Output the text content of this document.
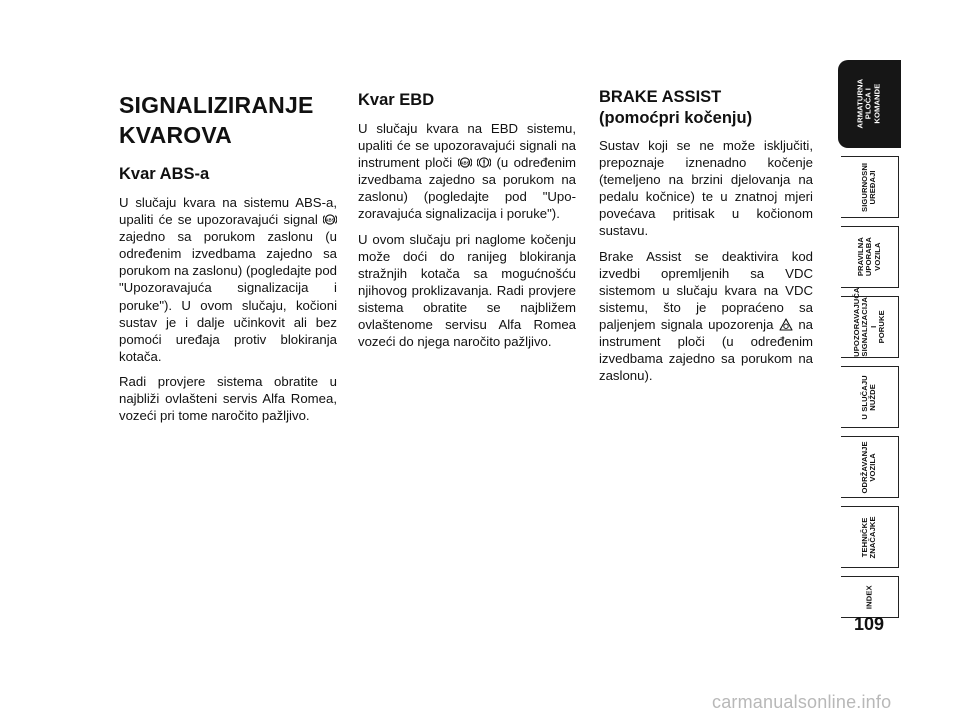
SIGNALIZIRANJE KVAROVA
Kvar ABS-a

U slučaju kvara na sistemu ABS-a, upaliti će se upozoravajući signal ABS
zajedno sa porukom zaslonu (u određenim izvedbama zajedno sa porukom na zaslonu) (pogledajte pod "Upozoravajuća signalizacija i poruke"). U ovom slučaju, kočioni sustav je i dalje učinkovit ali bez pomoći uređaja protiv blokiranja kotača.

Radi provjere sistema obratite u najbliži ovlašteni servis Alfa Romea, vozeći pri tome naročito pažljivo.

Kvar EBD

U slučaju kvara na EBD sistemu, upaliti će se upozoravajući signali na instrument ploči ABS
(u određenim izvedbama zajedno sa porukom na zaslonu) (pogledajte pod "Upo-zoravajuća signalizacija i poruke").

U ovom slučaju pri naglome kočenju može doći do ranijeg blokiranja stražnjih kotača sa mogućnošću njihovog proklizavanja. Radi provjere sistema obratite se najbližem ovlaštenome servisu Alfa Romea vozeći do njega naročito pažljivo.

BRAKE ASSIST
(pomoćpri kočenju)

Sustav koji se ne može isključiti, prepoznaje iznenadno kočenje (temeljeno na brzini djelovanja na pedalu kočnice) te u znatnoj mjeri povećava pritisak u kočionom sustavu.

Brake Assist se deaktivira kod izvedbi opremljenih sa VDC sistemom u slučaju kvara na VDC sistemu, što je popraćeno sa paljenjem signala upozorenja na instrument ploči (u određenim izvedbama zajedno sa porukom na zaslonu).

ARMATURNA
PLOČA I
KOMANDE
SIGURNOSNI
UREĐAJI
PRAVILNA
UPORABA
VOZILA
UPOZORAVAJUĆA
SIGNALIZACIJA I
PORUKE
U SLUČAJU
NUŽDE
ODRŽAVANJE
VOZILA
TEHNIČKE
ZNAČAJKE
INDEX
109
carmanualsonline.info
